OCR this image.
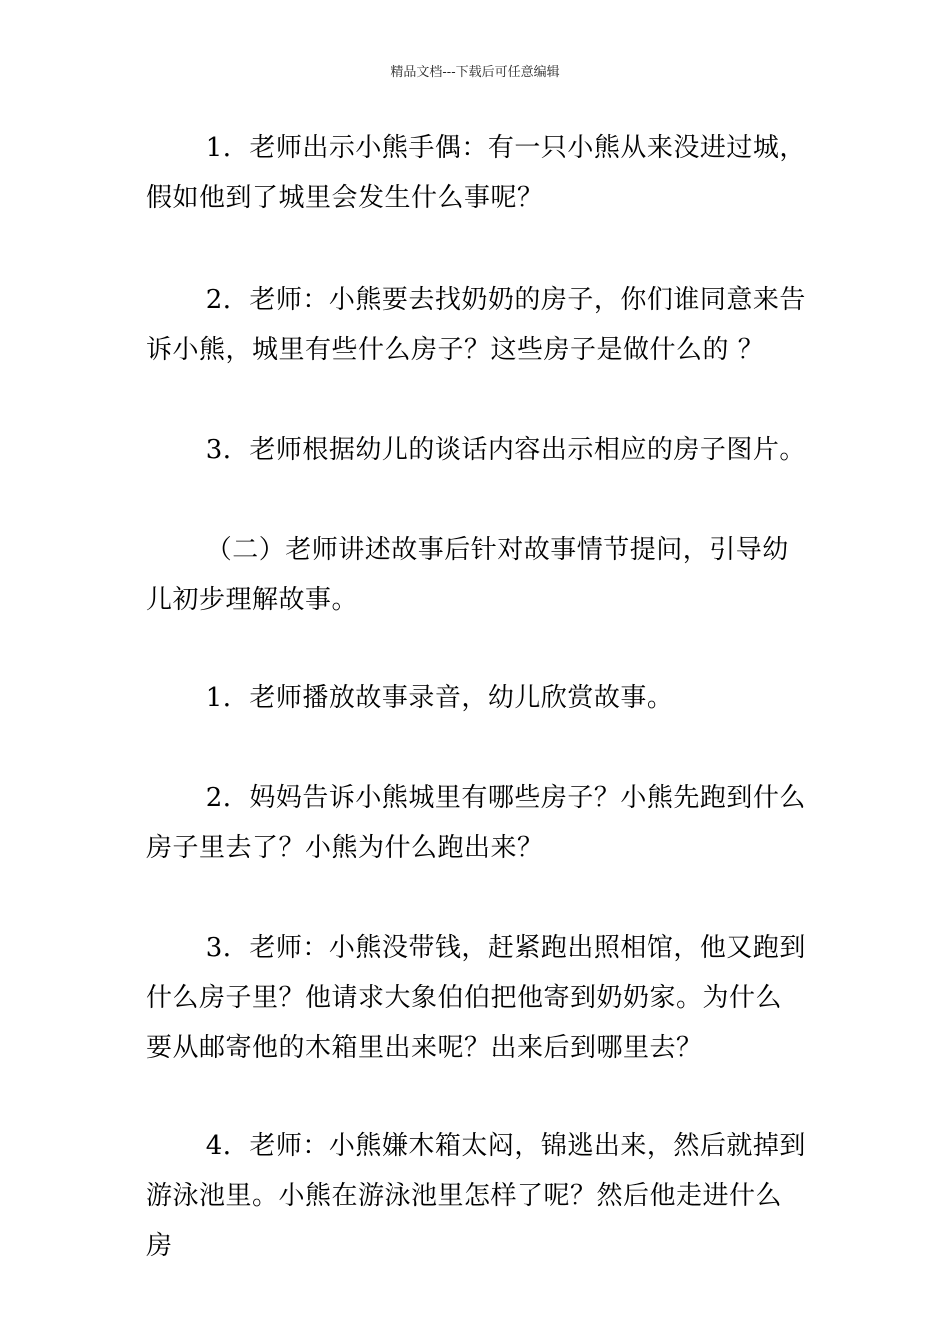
精品文档---下载后可任意编辑

1．老师出示小熊手偶：有一只小熊从来没进过城，假如他到了城里会发生什么事呢？

2．老师：小熊要去找奶奶的房子，你们谁同意来告诉小熊，城里有些什么房子？这些房子是做什么的 ？

3．老师根据幼儿的谈话内容出示相应的房子图片。

（二）老师讲述故事后针对故事情节提问，引导幼儿初步理解故事。

1．老师播放故事录音，幼儿欣赏故事。

2．妈妈告诉小熊城里有哪些房子？小熊先跑到什么房子里去了？小熊为什么跑出来？

3．老师：小熊没带钱，赶紧跑出照相馆，他又跑到什么房子里？他请求大象伯伯把他寄到奶奶家。为什么要从邮寄他的木箱里出来呢？出来后到哪里去？

4．老师：小熊嫌木箱太闷，锦逃出来，然后就掉到游泳池里。小熊在游泳池里怎样了呢？然后他走进什么房
